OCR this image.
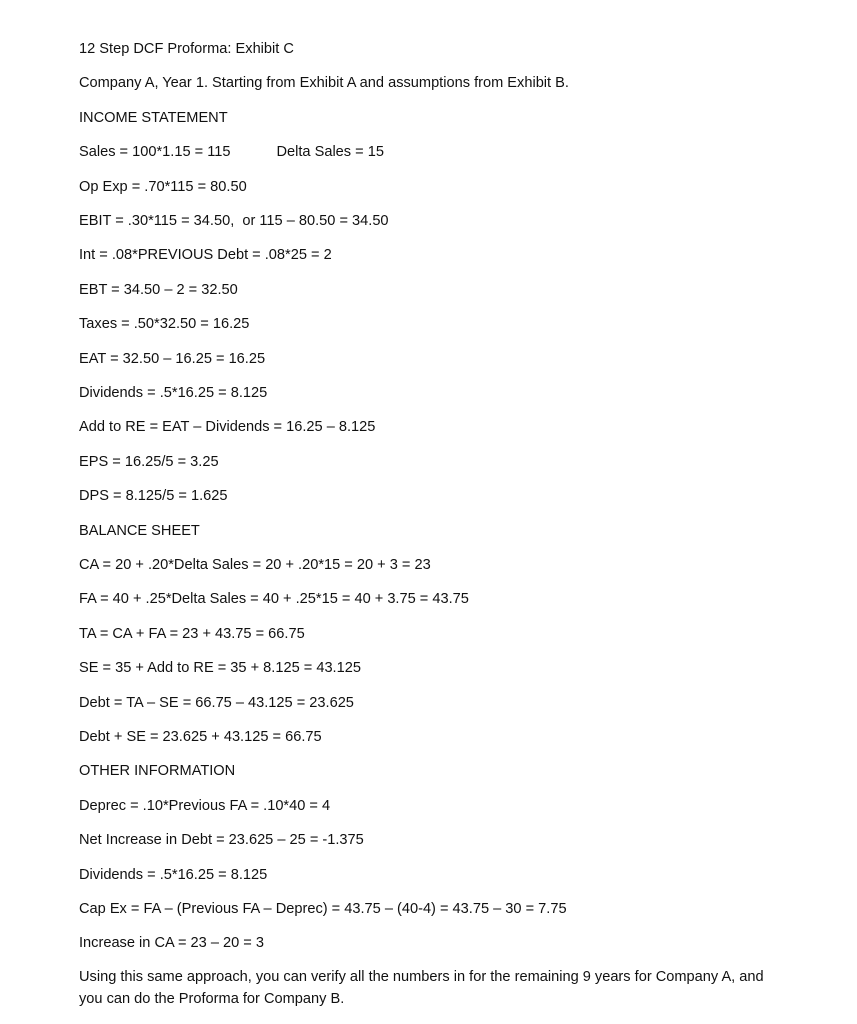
12 Step DCF Proforma: Exhibit C
Company A, Year 1. Starting from Exhibit A and assumptions from Exhibit B.
INCOME STATEMENT
Sales = 100*1.15 = 115	Delta Sales = 15
Op Exp = .70*115 = 80.50
EBIT = .30*115 = 34.50,  or 115 – 80.50 = 34.50
Int = .08*PREVIOUS Debt = .08*25 = 2
EBT = 34.50 – 2 = 32.50
Taxes = .50*32.50 = 16.25
EAT = 32.50 – 16.25 = 16.25
Dividends = .5*16.25 = 8.125
Add to RE = EAT – Dividends = 16.25 – 8.125
EPS = 16.25/5 = 3.25
DPS = 8.125/5 = 1.625
BALANCE SHEET
CA = 20 + .20*Delta Sales = 20 + .20*15 = 20 + 3 = 23
FA = 40 + .25*Delta Sales = 40 + .25*15 = 40 + 3.75 = 43.75
TA = CA + FA = 23 + 43.75 = 66.75
SE = 35 + Add to RE = 35 + 8.125 = 43.125
Debt = TA – SE = 66.75 – 43.125 = 23.625
Debt + SE = 23.625 + 43.125 = 66.75
OTHER INFORMATION
Deprec = .10*Previous FA = .10*40 = 4
Net Increase in Debt = 23.625 – 25 = -1.375
Dividends = .5*16.25 = 8.125
Cap Ex = FA – (Previous FA – Deprec) = 43.75 – (40-4) = 43.75 – 30 = 7.75
Increase in CA = 23 – 20 = 3
Using this same approach, you can verify all the numbers in for the remaining 9 years for Company A, and you can do the Proforma for Company B.
